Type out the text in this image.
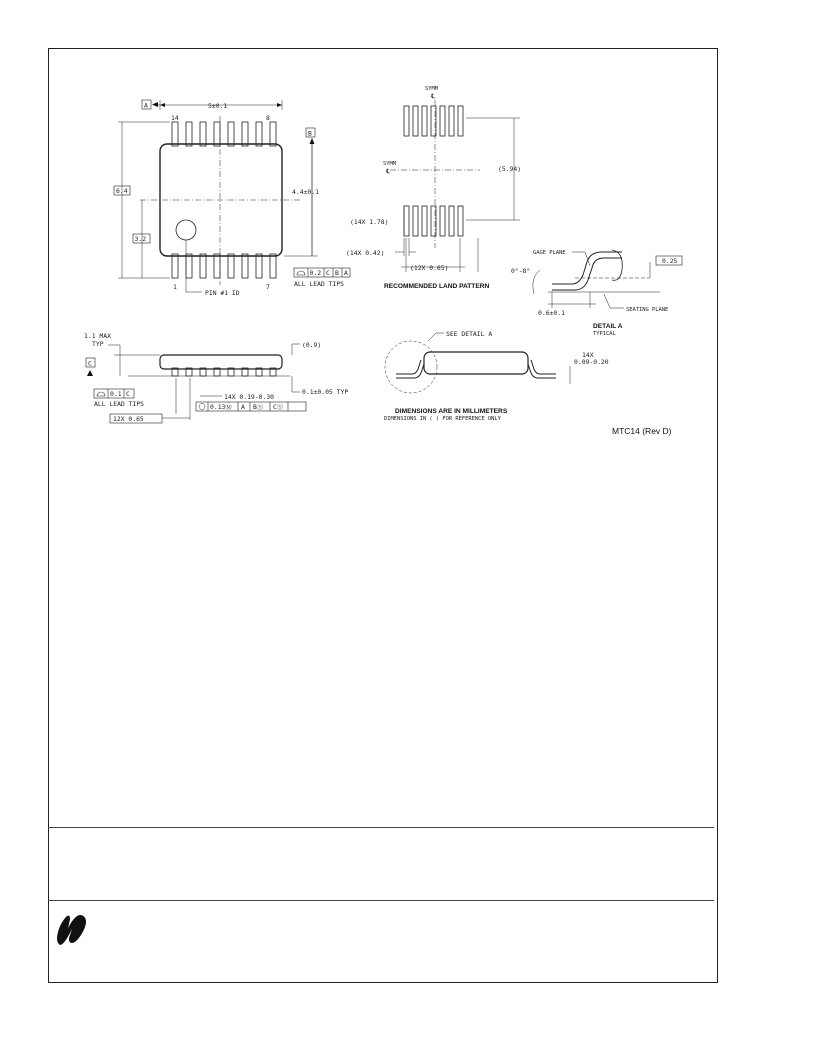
A	5±0.1
B
14	8
6.4
3.2
4.4±0.1
1	7
PIN #1 ID
0.2 C B A
ALL LEAD TIPS
SYMM
℄
SYMM
℄	(5.94)
(14X 1.78)
(14X 0.42)
(12X 0.65)
RECOMMENDED LAND PATTERN
GAGE PLANE
0°-8°
0.25
0.6±0.1	SEATING PLANE
DETAIL A
TYPICAL
1.1 MAX
TYP	(0.9)
C
0.1 C
ALL LEAD TIPS
0.1±0.05 TYP
14X 0.19-0.30
0.13Ⓜ A BⓈ CⓈ
12X 0.65
SEE DETAIL A
14X
0.09-0.20
DIMENSIONS ARE IN MILLIMETERS
DIMENSIONS IN ( ) FOR REFERENCE ONLY
MTC14 (Rev D)
